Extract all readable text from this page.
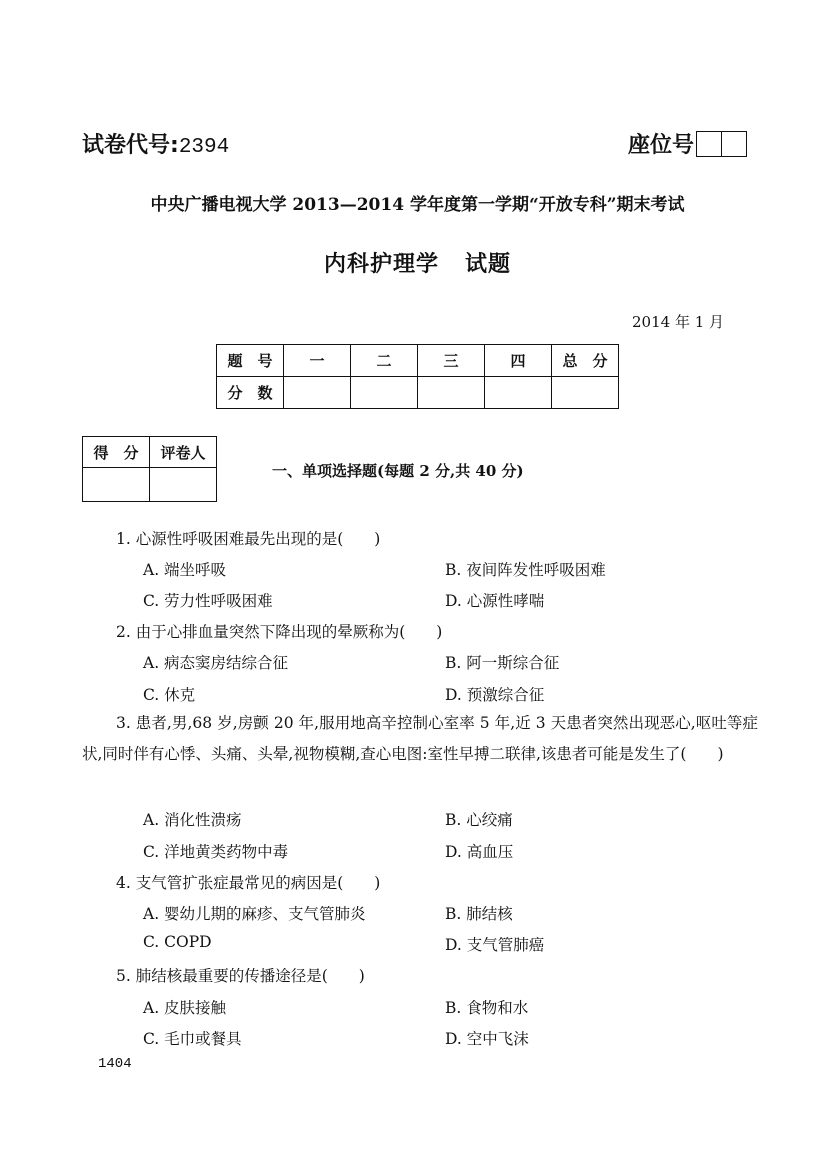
试卷代号:2394	座位号
中央广播电视大学 2013—2014 学年度第一学期“开放专科”期末考试
内科护理学 试题
2014 年 1 月
题　号	一	二	三	四	总　分
分　数					
得　分	评卷人

一、单项选择题(每题 2 分,共 40 分)
1. 心源性呼吸困难最先出现的是(　　)
A. 端坐呼吸	B. 夜间阵发性呼吸困难
C. 劳力性呼吸困难	D. 心源性哮喘
2. 由于心排血量突然下降出现的晕厥称为(　　)
A. 病态窦房结综合征	B. 阿一斯综合征
C. 休克	D. 预激综合征
3. 患者,男,68 岁,房颤 20 年,服用地高辛控制心室率 5 年,近 3 天患者突然出现恶心,呕吐等症状,同时伴有心悸、头痛、头晕,视物模糊,查心电图:室性早搏二联律,该患者可能是发生了(　　)
A. 消化性溃疡	B. 心绞痛
C. 洋地黄类药物中毒	D. 高血压
4. 支气管扩张症最常见的病因是(　　)
A. 婴幼儿期的麻疹、支气管肺炎	B. 肺结核
C. COPD	D. 支气管肺癌
5. 肺结核最重要的传播途径是(　　)
A. 皮肤接触	B. 食物和水
C. 毛巾或餐具	D. 空中飞沫
1404
